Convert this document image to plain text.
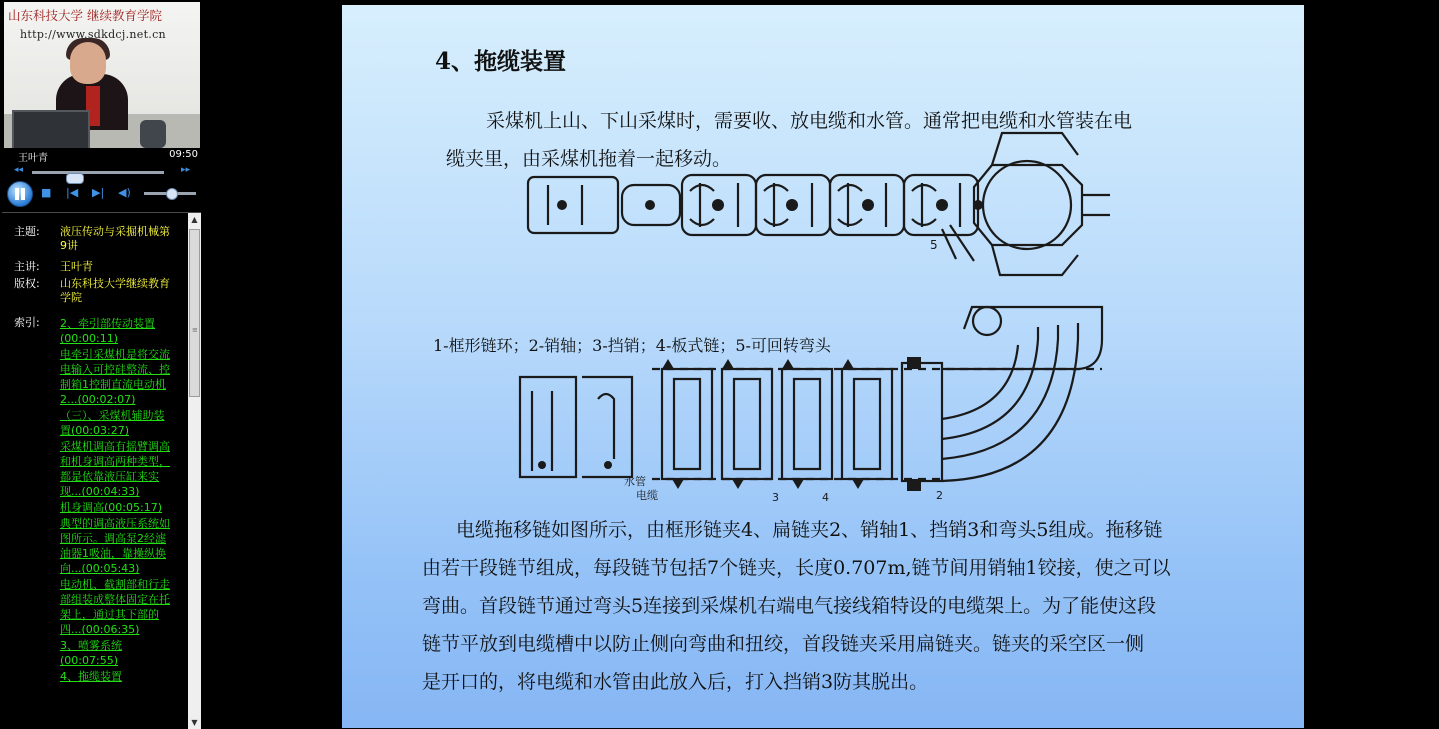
山东科技大学 继续教育学院
http://www.sdkdcj.net.cn
王叶青	09:50
◂◂	▸▸
■ |◀ ▶| ◀)
主题: 液压传动与采掘机械第9讲
主讲: 王叶青
版权: 山东科技大学继续教育学院
索引: 2、牵引部传动装置(00:00:11)
电牵引采煤机是将交流电输入可控硅整流、控制箱1控制直流电动机2...(00:02:07)
（三）、采煤机辅助装置(00:03:27)
采煤机调高有摇臂调高和机身调高两种类型，都是依靠液压缸来实现...(00:04:33)
机身调高(00:05:17)
典型的调高液压系统如图所示。调高泵2经滤油器1吸油，靠操纵换向...(00:05:43)
电动机、截割部和行走部组装成整体固定在托架上，通过其下部的四...(00:06:35)
3、喷雾系统(00:07:55)
4、拖缆装置
▲
≡
▼
4、拖缆装置
采煤机上山、下山采煤时，需要收、放电缆和水管。通常把电缆和水管装在电
缆夹里，由采煤机拖着一起移动。
5
1-框形链环；2-销轴；3-挡销；4-板式链；5-可回转弯头
水管
电缆	3	4	2
电缆拖移链如图所示，由框形链夹4、扁链夹2、销轴1、挡销3和弯头5组成。拖移链
由若干段链节组成，每段链节包括7个链夹，长度0.707m,链节间用销轴1铰接，使之可以
弯曲。首段链节通过弯头5连接到采煤机右端电气接线箱特设的电缆架上。为了能使这段
链节平放到电缆槽中以防止侧向弯曲和扭绞，首段链夹采用扁链夹。链夹的采空区一侧
是开口的，将电缆和水管由此放入后，打入挡销3防其脱出。
